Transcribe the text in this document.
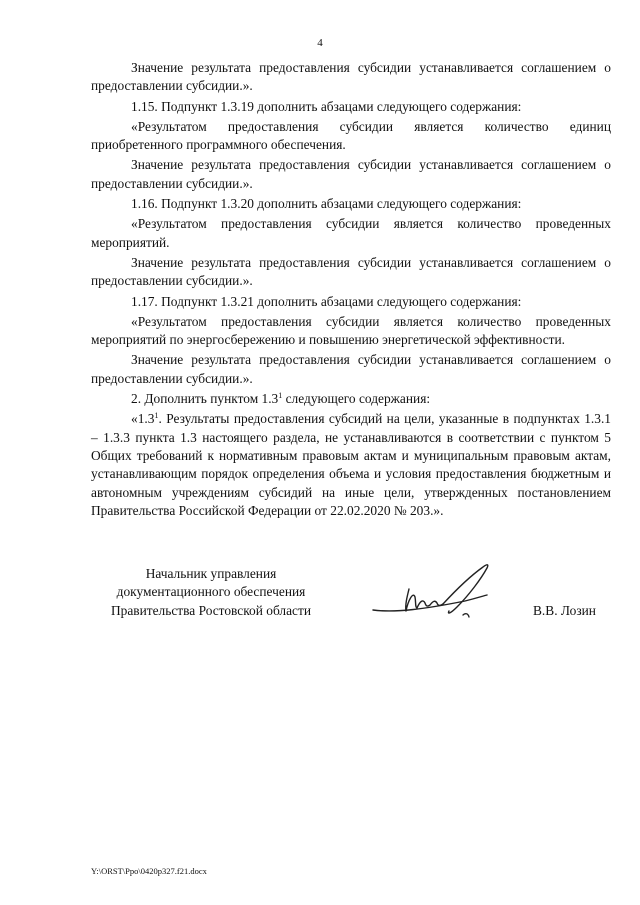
4

Значение результата предоставления субсидии устанавливается соглашением о предоставлении субсидии.».

1.15. Подпункт 1.3.19 дополнить абзацами следующего содержания:

«Результатом предоставления субсидии является количество единиц приобретенного программного обеспечения.

Значение результата предоставления субсидии устанавливается соглашением о предоставлении субсидии.».

1.16. Подпункт 1.3.20 дополнить абзацами следующего содержания:

«Результатом предоставления субсидии является количество проведенных мероприятий.

Значение результата предоставления субсидии устанавливается соглашением о предоставлении субсидии.».

1.17. Подпункт 1.3.21 дополнить абзацами следующего содержания:

«Результатом предоставления субсидии является количество проведенных мероприятий по энергосбережению и повышению энергетической эффективности.

Значение результата предоставления субсидии устанавливается соглашением о предоставлении субсидии.».

2. Дополнить пунктом $1.3^1$ следующего содержания:

«$1.3^1$. Результаты предоставления субсидий на цели, указанные в подпунктах 1.3.1 – 1.3.3 пункта 1.3 настоящего раздела, не устанавливаются в соответствии с пунктом 5 Общих требований к нормативным правовым актам и муниципальным правовым актам, устанавливающим порядок определения объема и условия предоставления бюджетным и автономным учреждениям субсидий на иные цели, утвержденных постановлением Правительства Российской Федерации от 22.02.2020 № 203.».

Начальник управления
документационного обеспечения
Правительства Ростовской области	В.В. Лозин
Y:\ORST\Ppo\0420p327.f21.docx
